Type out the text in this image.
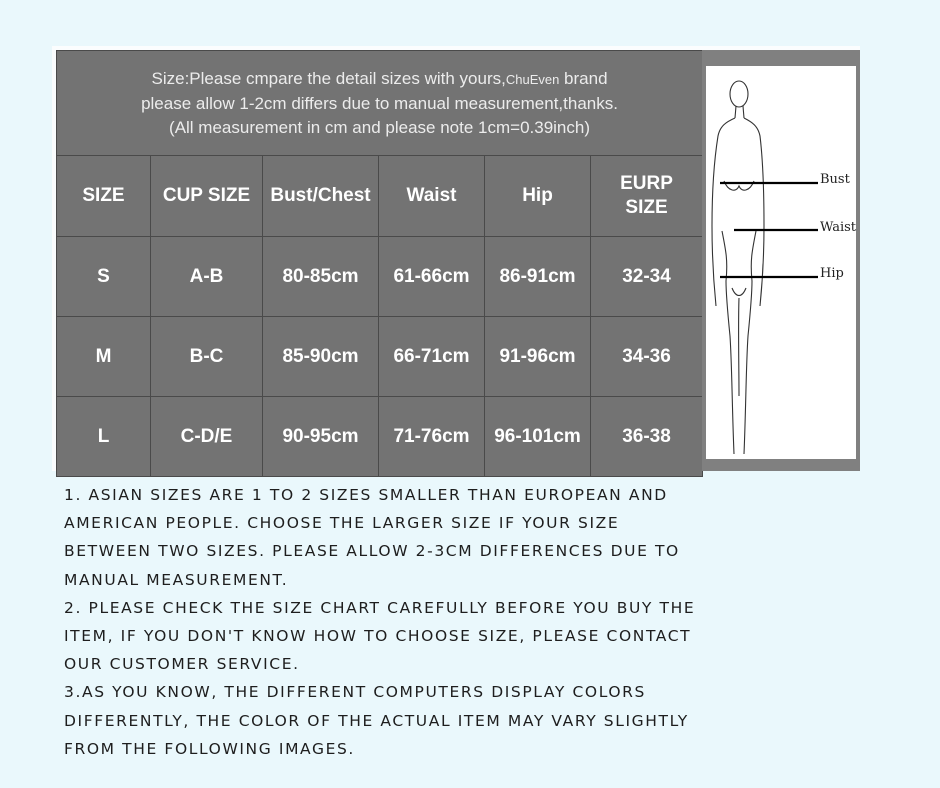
Size:Please cmpare the detail sizes with yours,ChuEven brand
please allow 1-2cm differs due to manual measurement,thanks.
(All measurement in cm and please note 1cm=0.39inch)					

SIZE	CUP SIZE	Bust/Chest	Waist	Hip	EURP SIZE

S	A-B	80-85cm	61-66cm	86-91cm	32-34
M	B-C	85-90cm	66-71cm	91-96cm	34-36
L	C-D/E	90-95cm	71-76cm	96-101cm	36-38
Bust
Waist
Hip
1. ASIAN SIZES ARE 1 TO 2 SIZES SMALLER THAN EUROPEAN AND
AMERICAN PEOPLE. CHOOSE THE LARGER SIZE IF YOUR SIZE
BETWEEN TWO SIZES. PLEASE ALLOW 2-3CM DIFFERENCES DUE TO
MANUAL MEASUREMENT.
2. PLEASE CHECK THE SIZE CHART CAREFULLY BEFORE YOU BUY THE
ITEM, IF YOU DON'T KNOW HOW TO CHOOSE SIZE, PLEASE CONTACT
OUR CUSTOMER SERVICE.
3.AS YOU KNOW, THE DIFFERENT COMPUTERS DISPLAY COLORS
DIFFERENTLY, THE COLOR OF THE ACTUAL ITEM MAY VARY SLIGHTLY
FROM THE FOLLOWING IMAGES.
